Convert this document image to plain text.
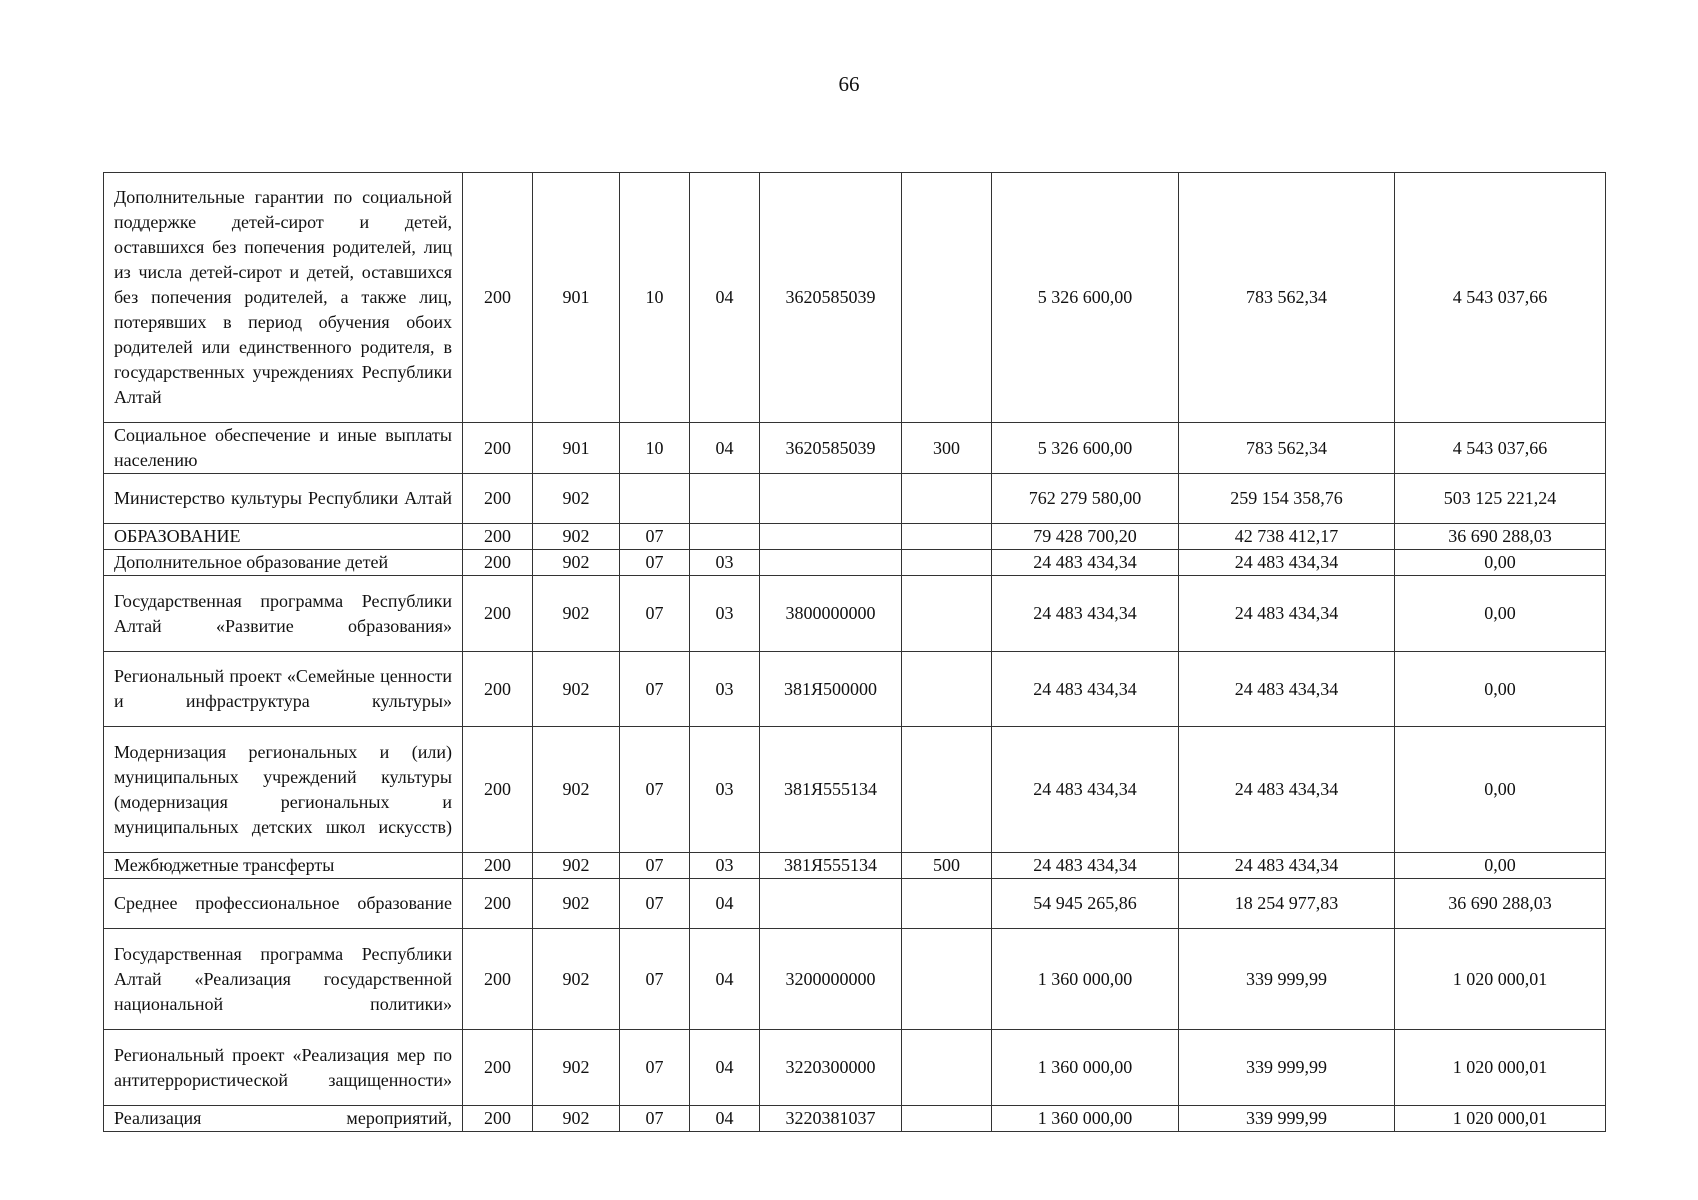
66
Дополнительные гарантии по социальной поддержке детей-сирот и детей, оставшихся без попечения родителей, лиц из числа детей-сирот и детей, оставшихся без попечения родителей, а также лиц, потерявших в период обучения обоих родителей или единственного родителя, в государственных учреждениях Республики Алтай	200	901	10	04	3620585039		5 326 600,00	783 562,34	4 543 037,66
Социальное обеспечение и иные выплаты населению	200	901	10	04	3620585039	300	5 326 600,00	783 562,34	4 543 037,66
Министерство культуры Республики Алтай	200	902					762 279 580,00	259 154 358,76	503 125 221,24
ОБРАЗОВАНИЕ	200	902	07				79 428 700,20	42 738 412,17	36 690 288,03
Дополнительное образование детей	200	902	07	03			24 483 434,34	24 483 434,34	0,00
Государственная программа Республики Алтай «Развитие образования»	200	902	07	03	3800000000		24 483 434,34	24 483 434,34	0,00
Региональный проект «Семейные ценности и инфраструктура культуры»	200	902	07	03	381Я500000		24 483 434,34	24 483 434,34	0,00
Модернизация региональных и (или) муниципальных учреждений культуры (модернизация региональных и муниципальных детских школ искусств)	200	902	07	03	381Я555134		24 483 434,34	24 483 434,34	0,00
Межбюджетные трансферты	200	902	07	03	381Я555134	500	24 483 434,34	24 483 434,34	0,00
Среднее профессиональное образование	200	902	07	04			54 945 265,86	18 254 977,83	36 690 288,03
Государственная программа Республики Алтай «Реализация государственной национальной политики»	200	902	07	04	3200000000		1 360 000,00	339 999,99	1 020 000,01
Региональный проект «Реализация мер по антитеррористической защищенности»	200	902	07	04	3220300000		1 360 000,00	339 999,99	1 020 000,01
Реализация мероприятий,	200	902	07	04	3220381037		1 360 000,00	339 999,99	1 020 000,01
